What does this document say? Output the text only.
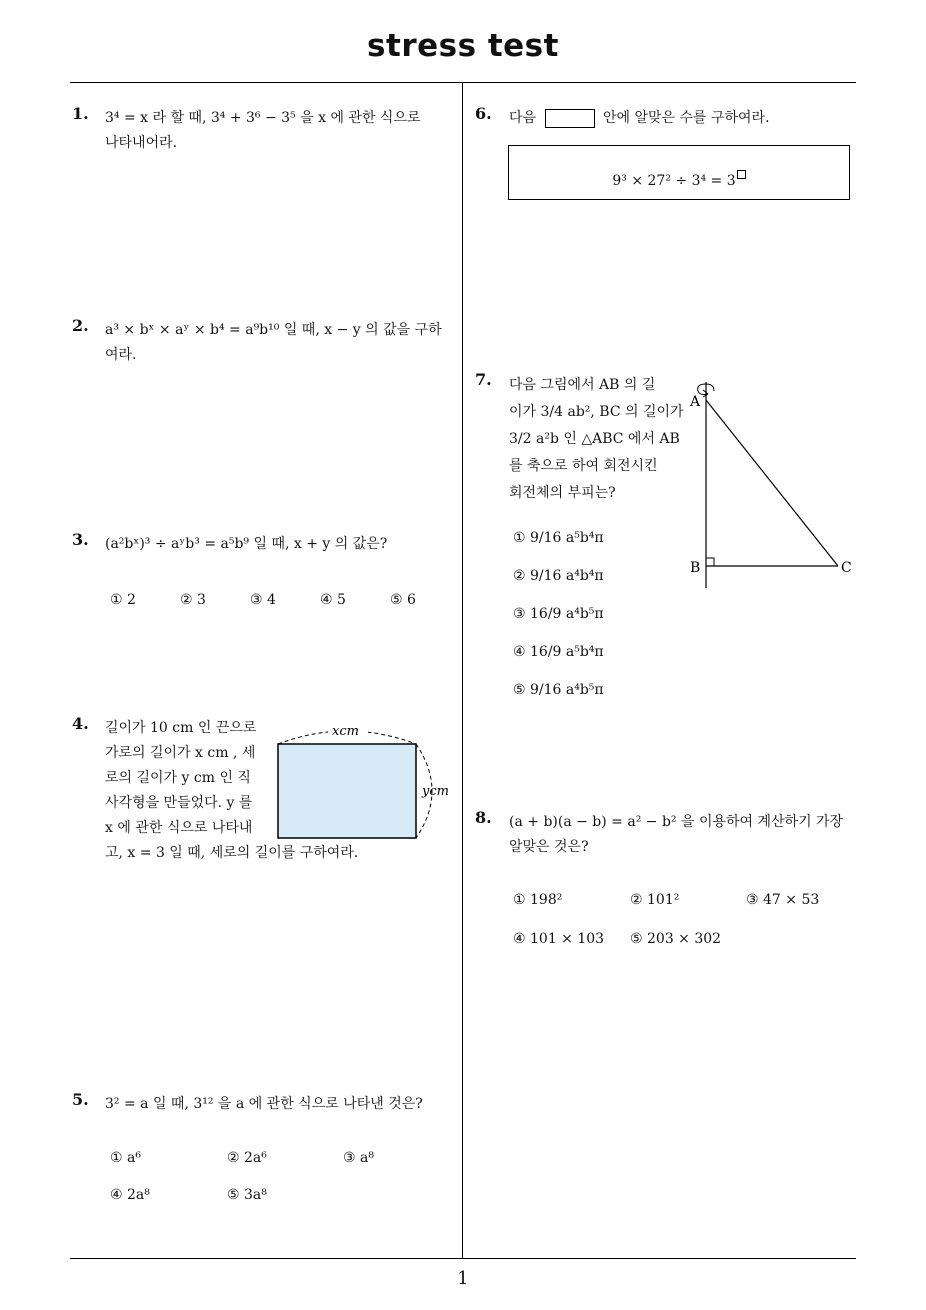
stress test
1
1. 3⁴ = x 라 할 때, 3⁴ + 3⁶ − 3⁵ 을 x 에 관한 식으로
나타내어라.
2. a³ × bˣ × aʸ × b⁴ = a⁹b¹⁰ 일 때, x − y 의 값을 구하
여라.
3. (a²bˣ)³ ÷ aʸb³ = a⁵b⁹ 일 때, x + y 의 값은?
① 2	② 3	③ 4	④ 5	⑤ 6
4. 길이가 10 cm 인 끈으로
가로의 길이가 x cm , 세
로의 길이가 y cm 인 직
사각형을 만들었다. y 를
x 에 관한 식으로 나타내
고, x = 3 일 때, 세로의 길이를 구하여라.
xcm
ycm
5. 3² = a 일 때, 3¹² 을 a 에 관한 식으로 나타낸 것은?
① a⁶	② 2a⁶	③ a⁸
④ 2a⁸	⑤ 3a⁸
6. 다음	안에 알맞은 수를 구하여라.
9³ × 27² ÷ 3⁴ = 3
7. 다음 그림에서 AB 의 길
이가 3/4 ab², BC 의 길이가
3/2 a²b 인 △ABC 에서 AB
를 축으로 하여 회전시킨
회전체의 부피는?
① 9/16 a⁵b⁴π
② 9/16 a⁴b⁴π
③ 16/9 a⁴b⁵π
④ 16/9 a⁵b⁴π
⑤ 9/16 a⁴b⁵π
A
B	C
8. (a + b)(a − b) = a² − b² 을 이용하여 계산하기 가장
알맞은 것은?
① 198²	② 101²	③ 47 × 53
④ 101 × 103 ⑤ 203 × 302
